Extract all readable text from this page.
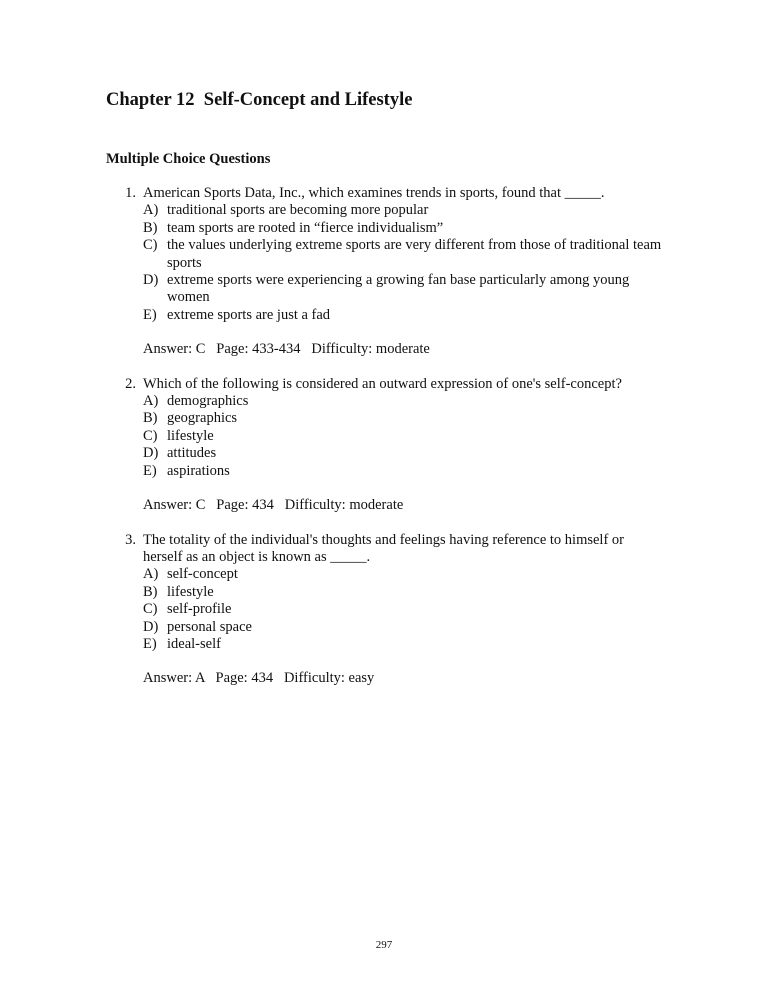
Chapter 12  Self-Concept and Lifestyle
Multiple Choice Questions
1. American Sports Data, Inc., which examines trends in sports, found that _____.
A) traditional sports are becoming more popular
B) team sports are rooted in “fierce individualism”
C) the values underlying extreme sports are very different from those of traditional team sports
D) extreme sports were experiencing a growing fan base particularly among young women
E) extreme sports are just a fad
Answer: C   Page: 433-434   Difficulty: moderate
2. Which of the following is considered an outward expression of one's self-concept?
A) demographics
B) geographics
C) lifestyle
D) attitudes
E) aspirations
Answer: C   Page: 434   Difficulty: moderate
3. The totality of the individual's thoughts and feelings having reference to himself or herself as an object is known as _____.
A) self-concept
B) lifestyle
C) self-profile
D) personal space
E) ideal-self
Answer: A   Page: 434   Difficulty: easy
297
